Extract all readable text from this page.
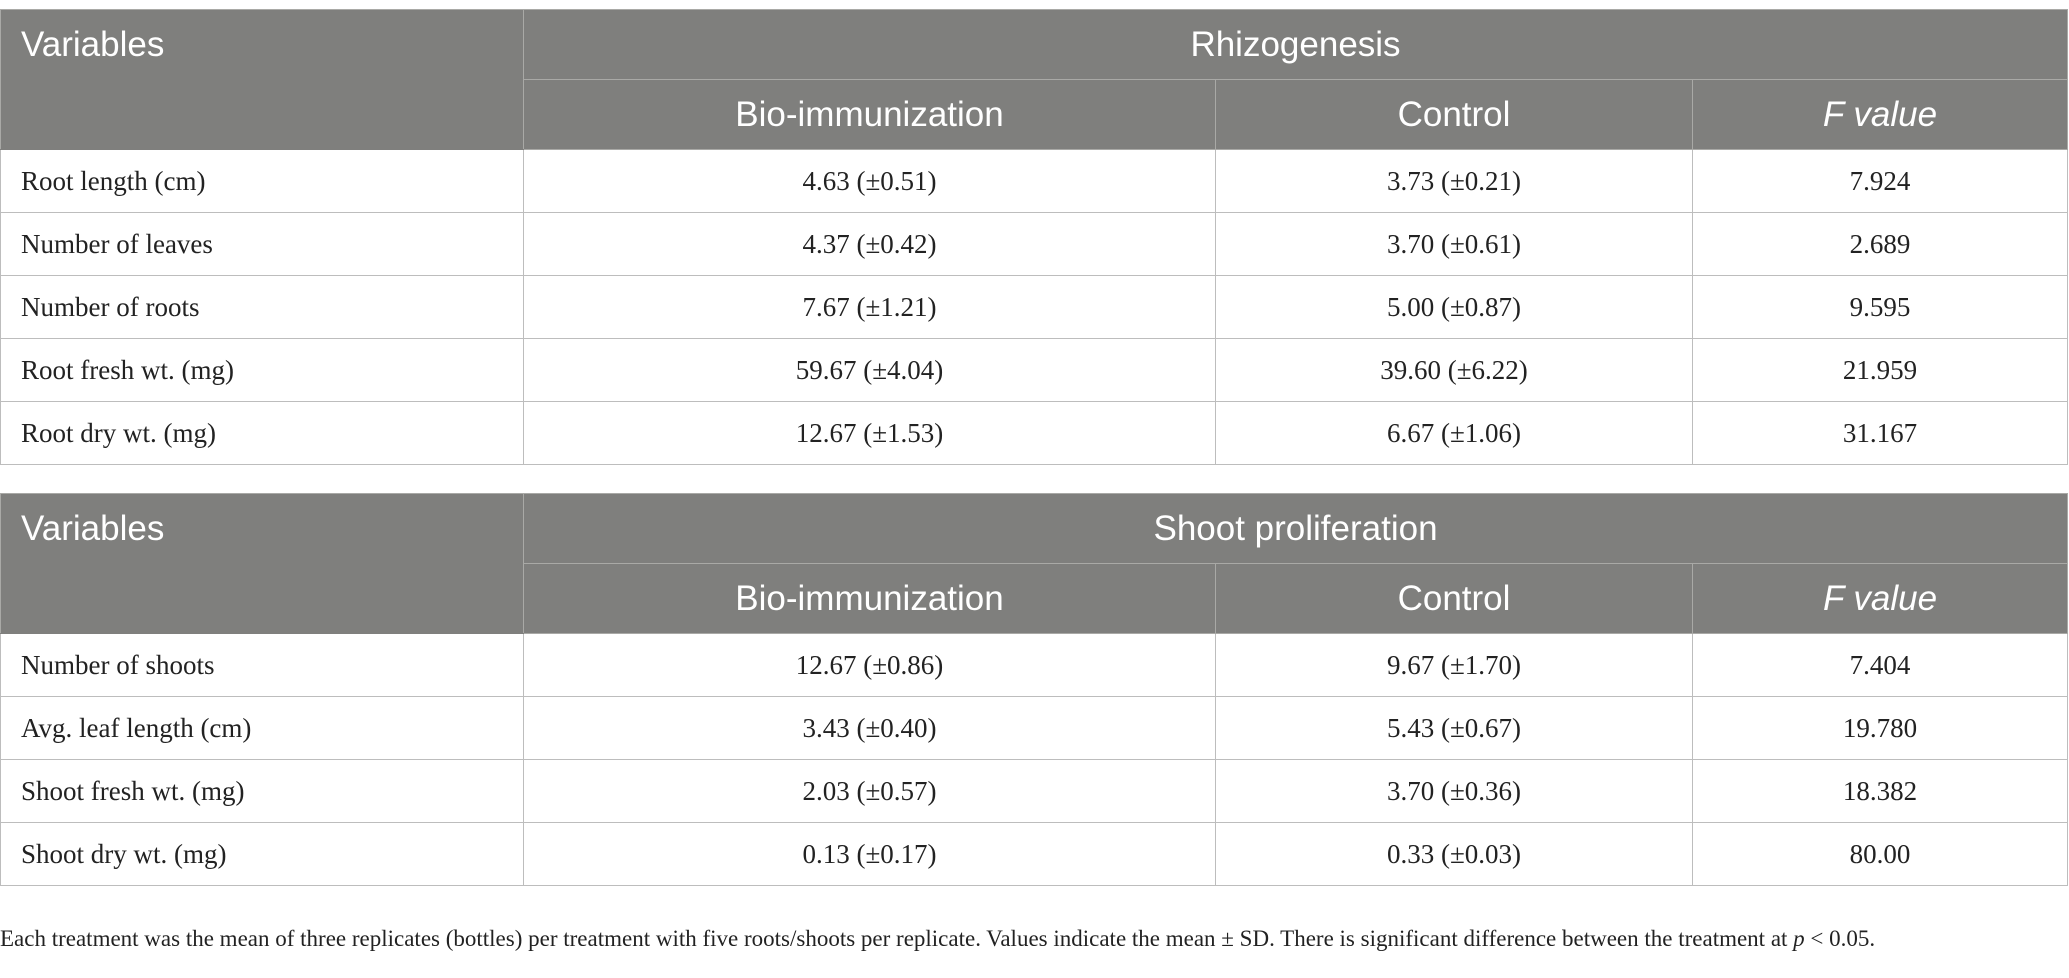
Variables	Rhizogenesis		
	Bio-immunization	Control	F value
Root length (cm)	4.63 (±0.51)	3.73 (±0.21)	7.924
Number of leaves	4.37 (±0.42)	3.70 (±0.61)	2.689
Number of roots	7.67 (±1.21)	5.00 (±0.87)	9.595
Root fresh wt. (mg)	59.67 (±4.04)	39.60 (±6.22)	21.959
Root dry wt. (mg)	12.67 (±1.53)	6.67 (±1.06)	31.167
Variables	Shoot proliferation		
	Bio-immunization	Control	F value
Number of shoots	12.67 (±0.86)	9.67 (±1.70)	7.404
Avg. leaf length (cm)	3.43 (±0.40)	5.43 (±0.67)	19.780
Shoot fresh wt. (mg)	2.03 (±0.57)	3.70 (±0.36)	18.382
Shoot dry wt. (mg)	0.13 (±0.17)	0.33 (±0.03)	80.00

Each treatment was the mean of three replicates (bottles) per treatment with five roots/shoots per replicate. Values indicate the mean ± SD. There is significant difference between the treatment at p < 0.05.
